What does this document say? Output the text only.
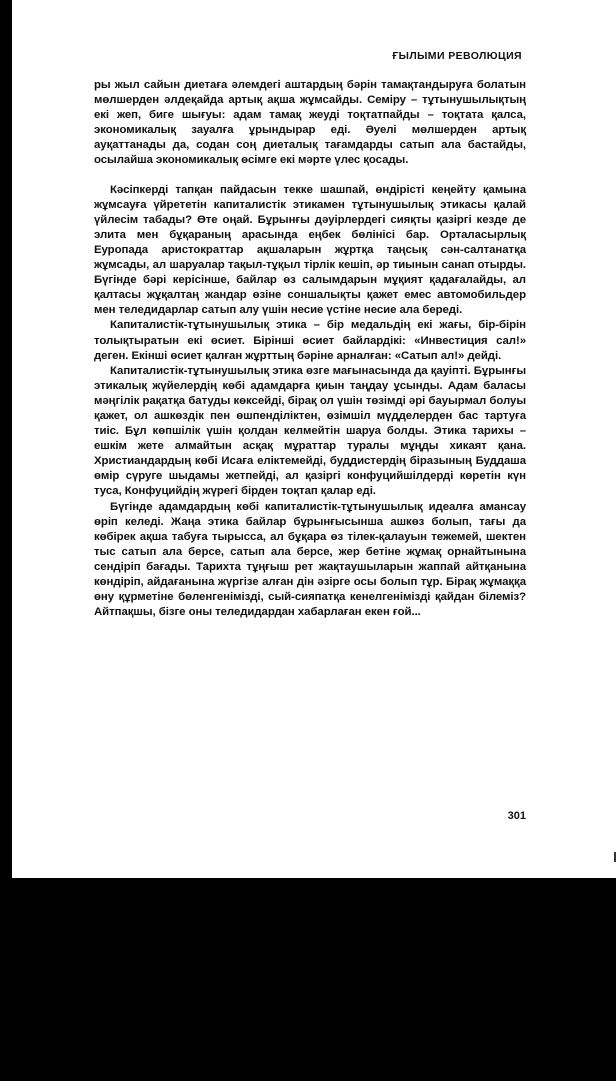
ҒЫЛЫМИ РЕВОЛЮЦИЯ

ры жыл сайын диетаға әлемдегі аштардың бәрін тамақтандыруға болатын мөлшерден әлдеқайда артық ақша жұмсайды. Семіру – тұтынушылықтың екі жеп, бигe шығуы: адам тамақ жеуді тоқтатпайды – тоқтата қалса, экономикалық зауалға ұрындырар еді. Әуелі мөлшерден артық ауқаттанады да, содан соң диеталық тағамдарды сатып ала бастайды, осылайша экономикалық өсімге екі мәрте үлес қосады.

Кәсіпкерді тапқан пайдасын текке шашпай, өндірісті кеңейту қамына жұмсауға үйрететін капиталистік этикамен тұтынушылық этикасы қалай үйлесім табады? Өте оңай. Бұрынғы дәуірлердегі сияқты қазіргі кезде де элита мен бұқараның арасында еңбек бөлінісі бар. Орталасырлық Еуропада аристократтар ақшаларын жұртқа таңсық сән-салтанатқа жұмсады, ал шаруалар тақыл-тұқыл тірлік кешіп, әр тиынын санап отырды. Бүгінде бәрі керісінше, байлар өз салымдарын мұқият қадағалайды, ал қалтасы жұқалтаң жандар өзіне соншалықты қажет емес автомобильдер мен теледидарлар сатып алу үшін несие үстіне несие ала береді.

Капиталистік-тұтынушылық этика – бір медальдің екі жағы, бір-бірін толықтыратын екі өсиет. Бірінші өсиет байлардікі: «Инвестиция сал!» деген. Екінші өсиет қалған жұрттың бәріне арналған: «Сатып ал!» дейді.

Капиталистік-тұтынушылық этика өзге мағынасында да қауіпті. Бұрынғы этикалық жүйелердің көбі адамдарға қиын таңдау ұсынды. Адам баласы мәңгілік рақатқа батуды көксейді, бірақ ол үшін төзімді әрі бауырмал болуы қажет, ол ашкөздік пен өшпенділіктен, өзімшіл мүдделерден бас тартуға тиіс. Бұл көпшілік үшін қолдан келмейтін шаруа болды. Этика тарихы – ешкім жете алмайтын асқақ мұраттар туралы мұңды хикаят қана. Христиандардың көбі Исаға еліктемейді, буддистердің біразының Буддаша өмір сүруге шыдамы жетпейді, ал қазіргі конфуцийшілдерді көретін күн туса, Конфуцийдің жүрегі бірден тоқтап қалар еді.

Бүгінде адамдардың көбі капиталистік-тұтынушылық идеалға амансау өріп келеді. Жаңа этика байлар бұрынғысынша ашкөз болып, тағы да көбірек ақша табуға тырысса, ал бұқара өз тілек-қалауын тежемей, шектен тыс сатып ала берсе, сатып ала берсе, жер бетіне жұмақ орнайтынына сендіріп бағады. Тарихта тұңғыш рет жақтаушыларын жаппай айтқанына көндіріп, айдағанына жүргізе алған дін әзірге осы болып тұр. Бірақ жұмаққа өну құрметіне бөленгенімізді, сый-сияпатқа кенелгенімізді қайдан білеміз? Айтпақшы, бізге оны теледидардан хабарлаған екен ғой...

301
